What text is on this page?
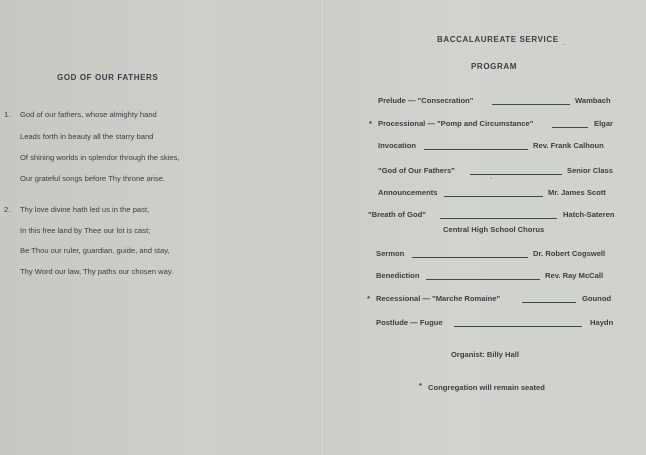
GOD OF OUR FATHERS
1. God of our fathers, whose almighty hand
Leads forth in beauty all the starry band
Of shining worlds in splendor through the skies,
Our grateful songs before Thy throne arise.
2. Thy love divine hath led us in the past,
In this free land by Thee our lot is cast;
Be Thou our ruler, guardian, guide, and stay,
Thy Word our law, Thy paths our chosen way.
BACCALAUREATE SERVICE
PROGRAM
Prelude — "Consecration"	Wambach
* Processional — "Pomp and Circumstance"	Elgar
Invocation	Rev. Frank Calhoun
"God of Our Fathers"	Senior Class
Announcements	Mr. James Scott
"Breath of God"	Hatch-Sateren
Sermon	Dr. Robert Cogswell
Benediction	Rev. Ray McCall
* Recessional — "Marche Romaine"	Gounod
Postlude — Fugue	Haydn
Central High School Chorus
Organist: Billy Hall
* Congregation will remain seated
·
ˋ
